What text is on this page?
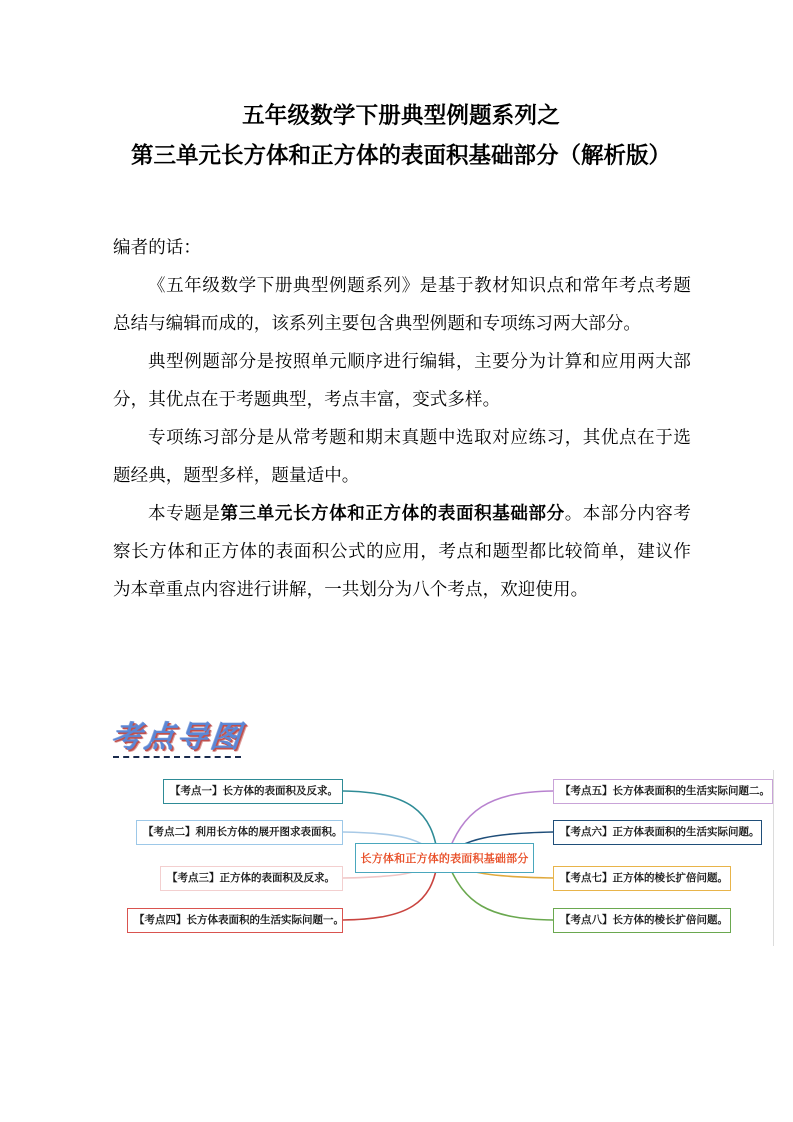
五年级数学下册典型例题系列之
第三单元长方体和正方体的表面积基础部分（解析版）

编者的话：

《五年级数学下册典型例题系列》是基于教材知识点和常年考点考题总结与编辑而成的，该系列主要包含典型例题和专项练习两大部分。

典型例题部分是按照单元顺序进行编辑，主要分为计算和应用两大部分，其优点在于考题典型，考点丰富，变式多样。

专项练习部分是从常考题和期末真题中选取对应练习，其优点在于选题经典，题型多样，题量适中。

本专题是第三单元长方体和正方体的表面积基础部分。本部分内容考察长方体和正方体的表面积公式的应用，考点和题型都比较简单，建议作为本章重点内容进行讲解，一共划分为八个考点，欢迎使用。

考点导图
【考点一】长方体的表面积及反求。
【考点二】利用长方体的展开图求表面积。
【考点三】正方体的表面积及反求。
【考点四】长方体表面积的生活实际问题一。
长方体和正方体的表面积基础部分
【考点五】长方体表面积的生活实际问题二。
【考点六】正方体表面积的生活实际问题。
【考点七】正方体的棱长扩倍问题。
【考点八】长方体的棱长扩倍问题。
